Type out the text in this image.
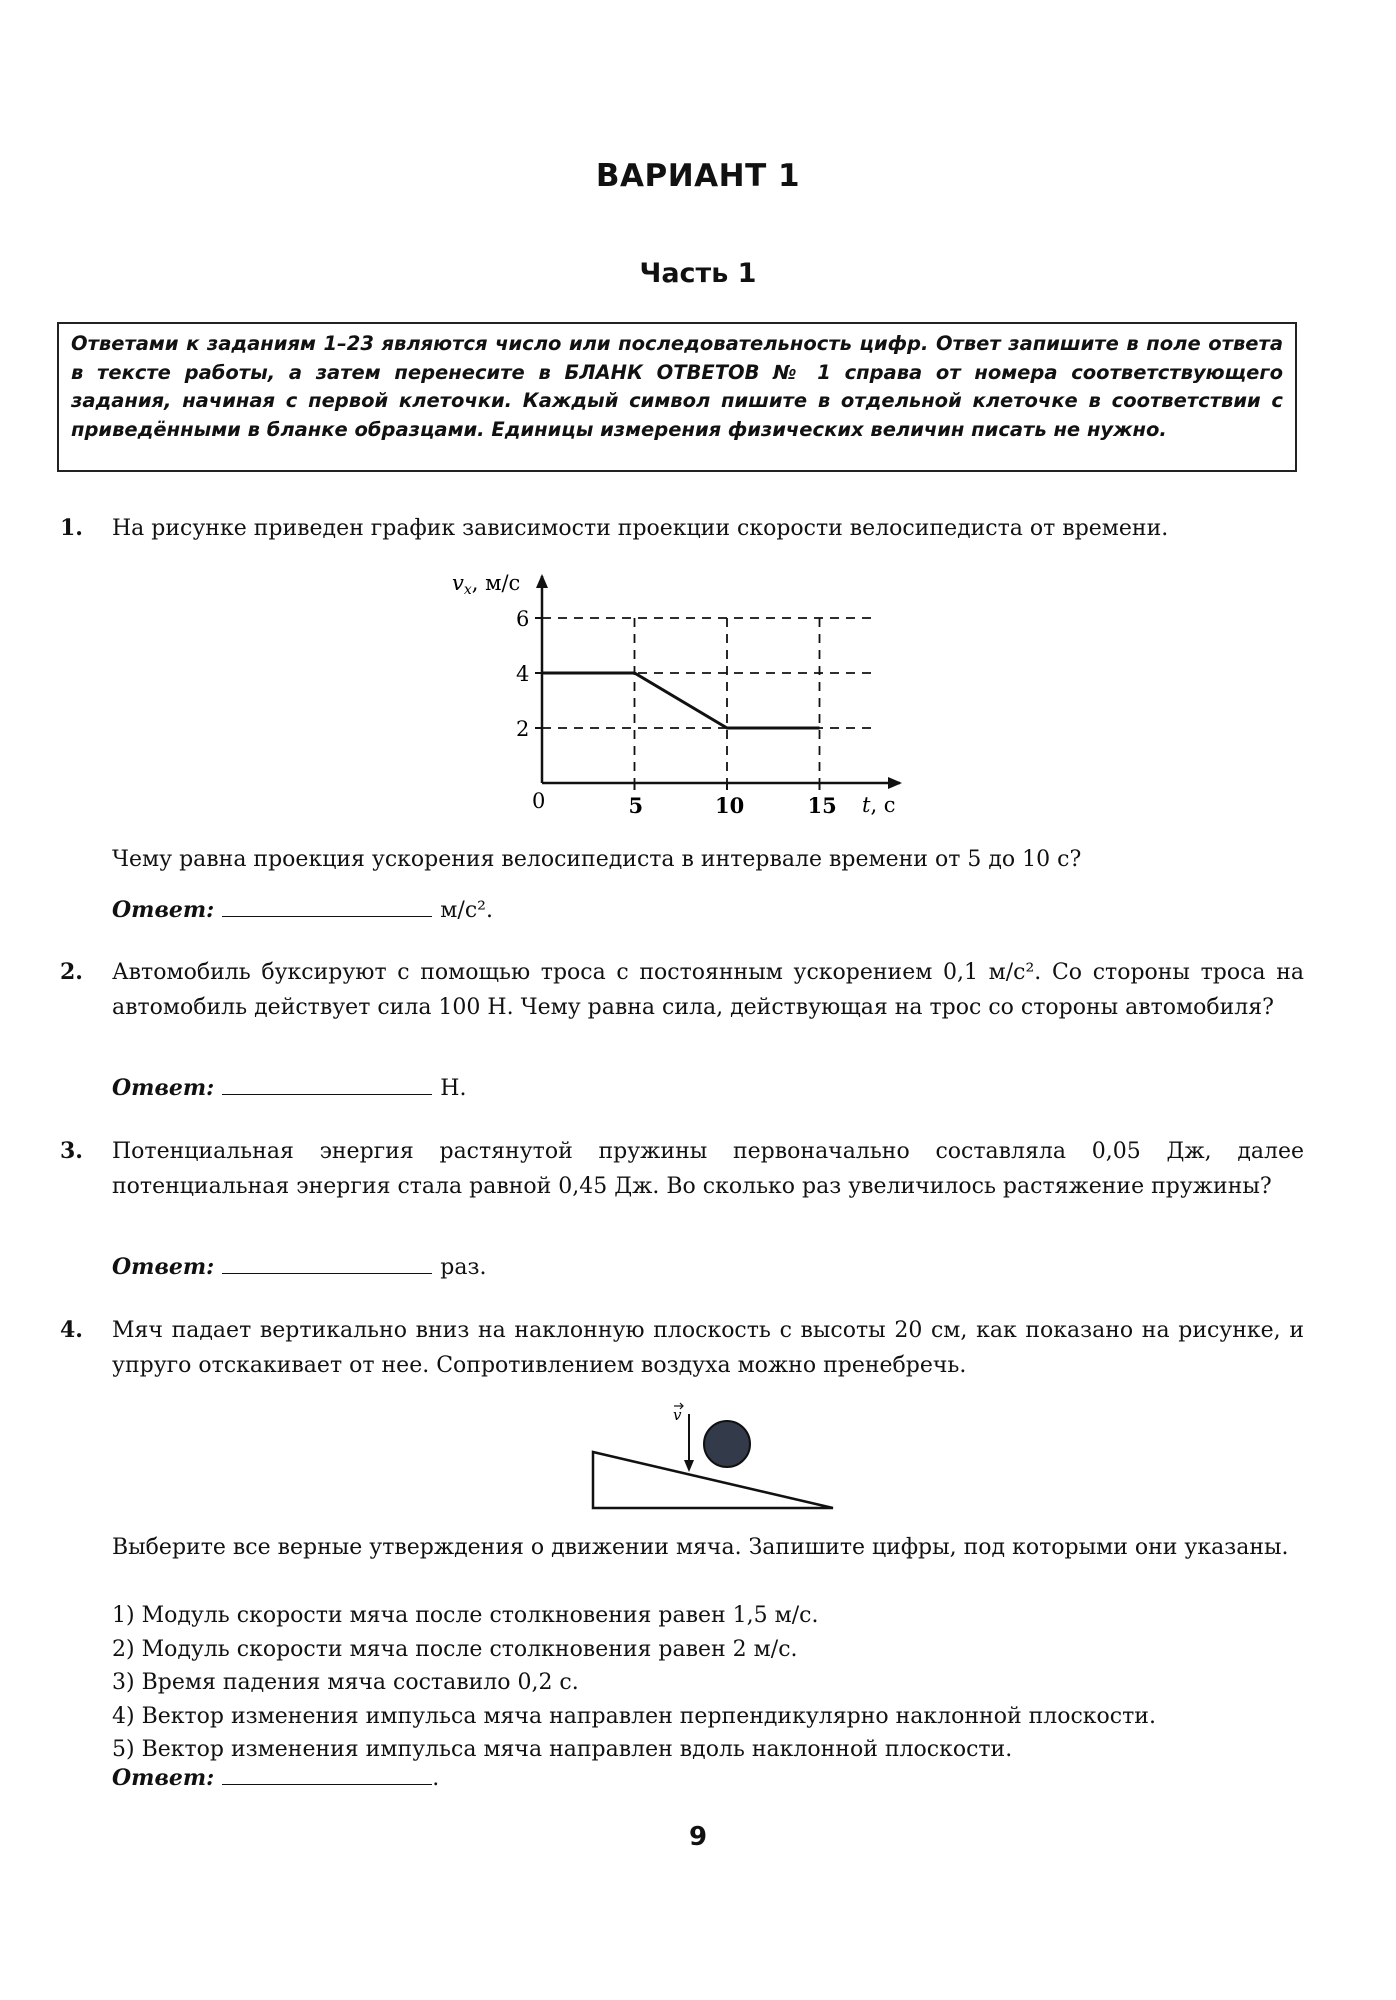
ВАРИАНТ 1
Часть 1
Ответами к заданиям 1–23 являются число или последовательность цифр. Ответ запишите в поле ответа в тексте работы, а затем перенесите в БЛАНК ОТВЕТОВ № 1 справа от номера соответствующего задания, начиная с первой клеточки. Каждый символ пишите в отдельной клеточке в соответствии с приведёнными в бланке образцами. Единицы измерения физических величин писать не нужно.
1. На рисунке приведен график зависимости проекции скорости велосипедиста от времени.
2
4
6
5	10	15
vx, м/с
t, с
0
Чему равна проекция ускорения велосипедиста в интервале времени от 5 до 10 с?
Ответ:	м/с².
2. Автомобиль буксируют с помощью троса с постоянным ускорением 0,1 м/с². Со стороны троса на автомобиль действует сила 100 Н. Чему равна сила, действующая на трос со стороны автомобиля?
Ответ:	Н.
3. Потенциальная энергия растянутой пружины первоначально составляла 0,05 Дж, далее потенциальная энергия стала равной 0,45 Дж. Во сколько раз увеличилось растяжение пружины?
Ответ:	раз.
4. Мяч падает вертикально вниз на наклонную плоскость с высоты 20 см, как показано на рисунке, и упруго отскакивает от нее. Сопротивлением воздуха можно пренебречь.
v
Выберите все верные утверждения о движении мяча. Запишите цифры, под которыми они указаны.
1) Модуль скорости мяча после столкновения равен 1,5 м/с.
2) Модуль скорости мяча после столкновения равен 2 м/с.
3) Время падения мяча составило 0,2 с.
4) Вектор изменения импульса мяча направлен перпендикулярно наклонной плоскости.
5) Вектор изменения импульса мяча направлен вдоль наклонной плоскости.
Ответ:	.
9
